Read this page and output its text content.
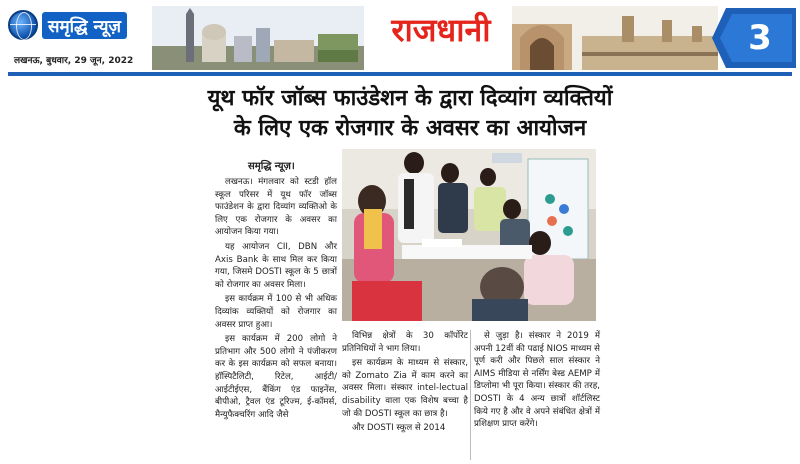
समृद्धि न्यूज़
लखनऊ, बुधवार, 29 जून, 2022
राजधानी	3
यूथ फॉर जॉब्स फाउंडेशन के द्वारा दिव्यांग व्यक्तियों
के लिए एक रोजगार के अवसर का आयोजन
समृद्धि न्यूज़।

लखनऊ। मंगलवार को स्टडी हॉल स्कूल परिसर में यूथ फॉर जॉब्स फाउंडेशन के द्वारा दिव्यांग व्यक्तिओ के लिए एक रोजगार के अवसर का आयोजन किया गया।

यह आयोजन CII, DBN और Axis Bank के साथ मिल कर किया गया, जिसमे DOSTI स्कूल के 5 छात्रों को रोजगार का अवसर मिला।

इस कार्यक्रम में 100 से भी अधिक दिव्यांक व्यक्तियों को रोजगार का अवसर प्राप्त हुआ।

इस कार्यक्रम में 200 लोगो ने प्रतिभाग और 500 लोगो ने पंजीकरण कर के इस कार्यक्रम को सफल बनाया। हॉस्पिटैलिटी, रिटेल, आईटी/आईटीईएस, बैंकिंग एंड फाइनेंस, बीपीओ, ट्रैवल एंड टूरिज्म, ई-कॉमर्स, मैन्युफैक्चरिंग आदि जैसे

विभिन्न क्षेत्रों के 30 कॉर्पोरेट प्रतिनिधियों ने भाग लिया।

इस कार्यक्रम के माध्यम से संस्कार, को Zomato Zia में काम करने का अवसर मिला। संस्कार intel-lectual disability वाला एक विशेष बच्चा है जो की DOSTI स्कूल का छात्र है।

और DOSTI स्कूल से 2014

से जुड़ा है। संस्कार ने 2019 में अपनी 12वीं की पढाई NIOS माध्यम से पूर्ण करी और पिछले साल संस्कार ने AIMS मीडिया से नर्सिंग बेस्ड AEMP में डिप्लोमा भी पूरा किया। संस्कार की तरह, DOSTI के 4 अन्य छात्रों शॉर्टलिस्ट किये गए है और वे अपने संबंधित क्षेत्रों में प्रशिक्षण प्राप्त करेंगे।
